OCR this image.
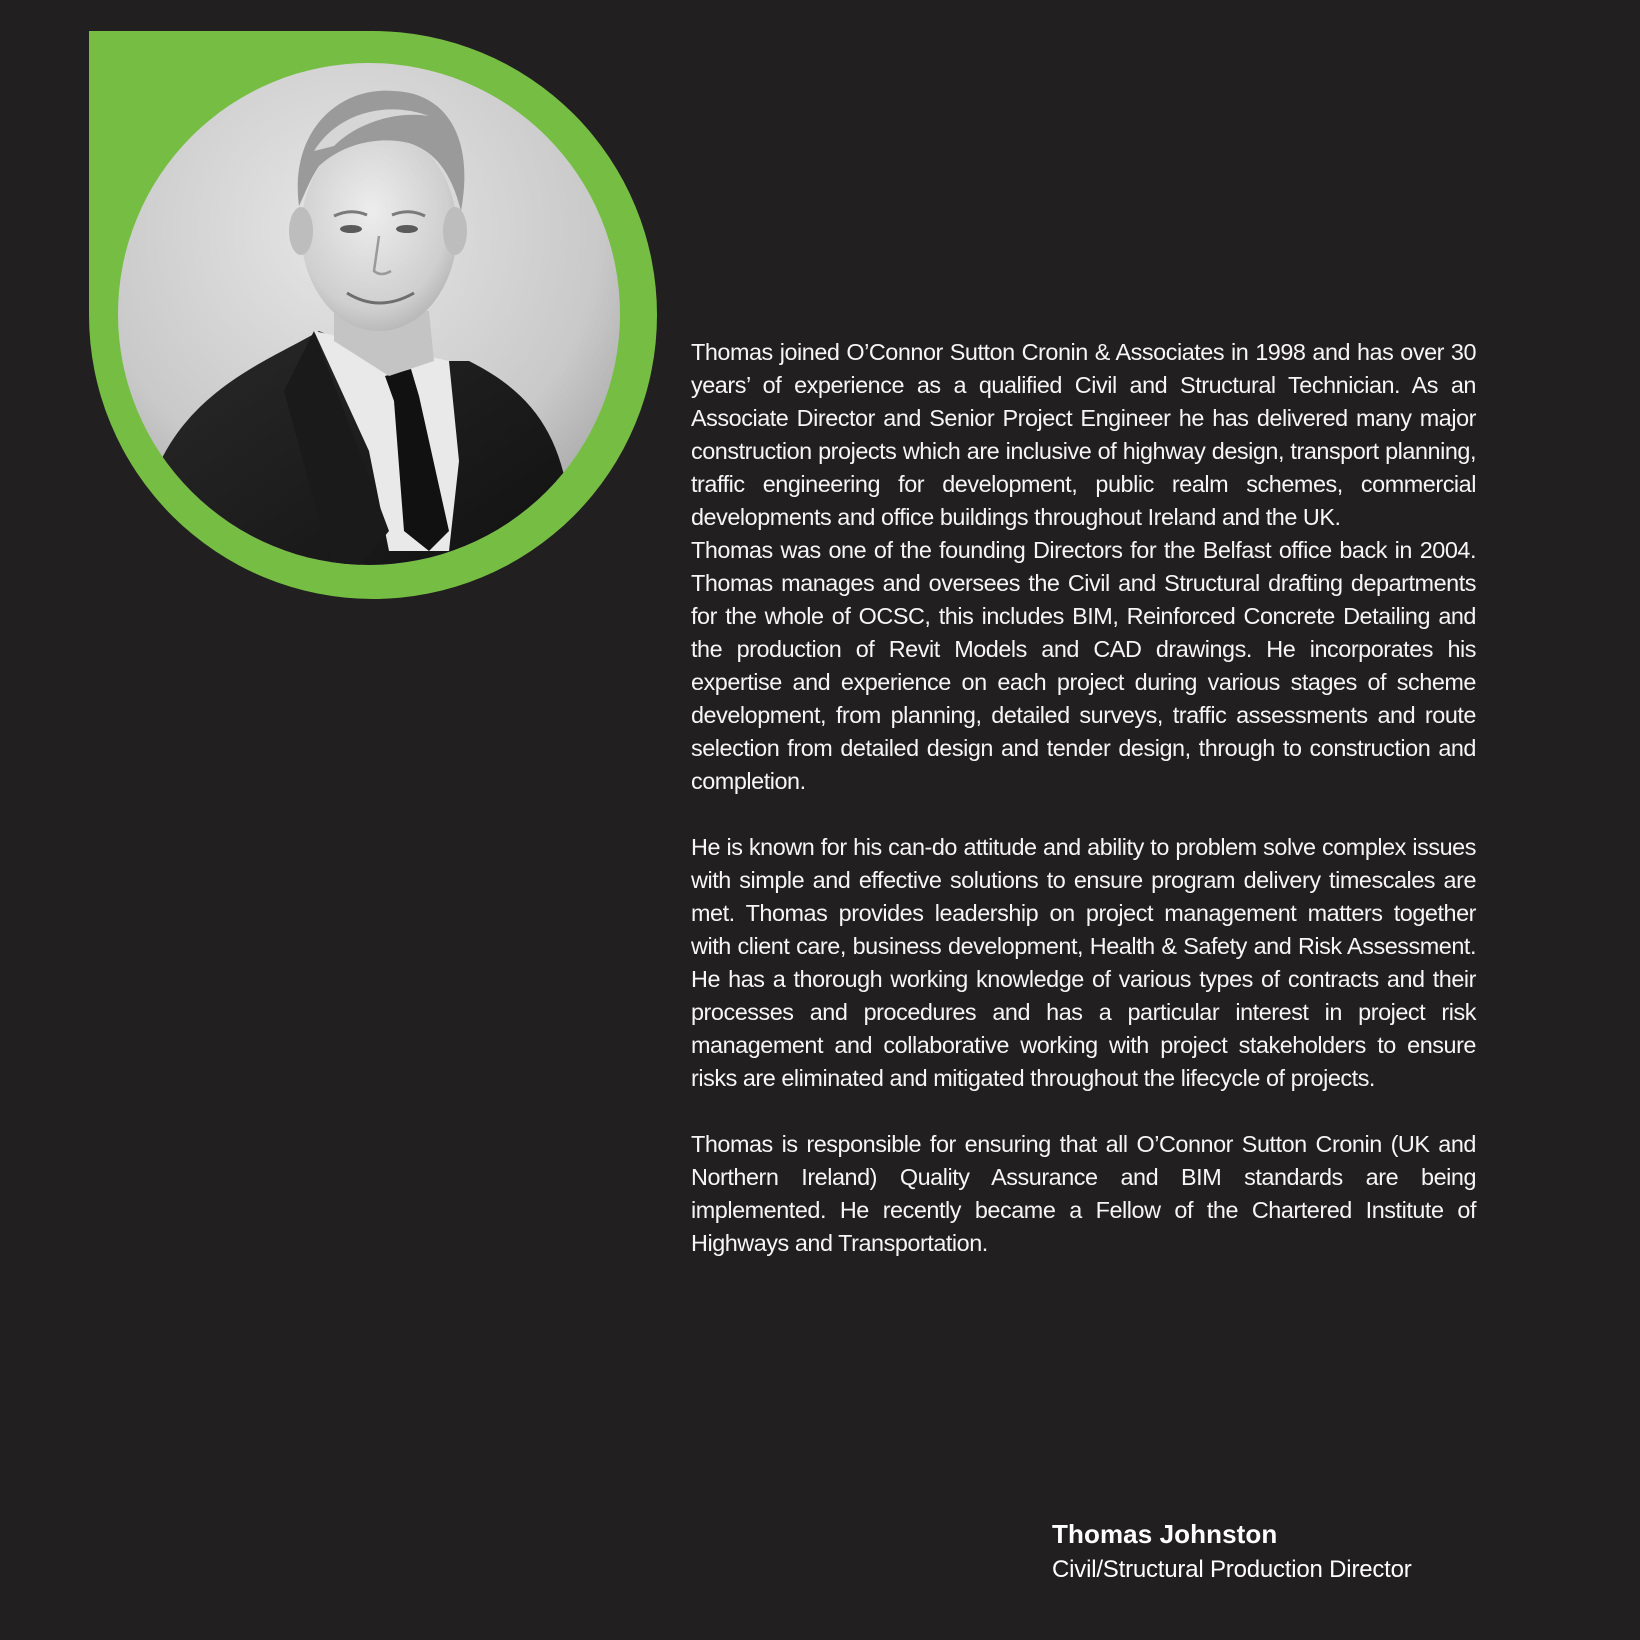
Thomas joined O’Connor Sutton Cronin & Associates in 1998 and has over 30 years’ of experience as a qualified Civil and Structural Technician. As an Associate Director and Senior Project Engineer he has delivered many major construction projects which are inclusive of highway design, transport planning, traffic engineering for development, public realm schemes, commercial developments and office buildings throughout Ireland and the UK.

Thomas was one of the founding Directors for the Belfast office back in 2004. Thomas manages and oversees the Civil and Structural drafting departments for the whole of OCSC, this includes BIM, Reinforced Concrete Detailing and the production of Revit Models and CAD drawings. He incorporates his expertise and experience on each project during various stages of scheme development, from planning, detailed surveys, traffic assessments and route selection from detailed design and tender design, through to construction and completion.

He is known for his can-do attitude and ability to problem solve complex issues with simple and effective solutions to ensure program delivery timescales are met. Thomas provides leadership on project management matters together with client care, business development, Health & Safety and Risk Assessment. He has a thorough working knowledge of various types of contracts and their processes and procedures and has a particular interest in project risk management and collaborative working with project stakeholders to ensure risks are eliminated and mitigated throughout the lifecycle of projects.

Thomas is responsible for ensuring that all O’Connor Sutton Cronin (UK and Northern Ireland) Quality Assurance and BIM standards are being implemented. He recently became a Fellow of the Chartered Institute of Highways and Transportation.

Thomas Johnston
Civil/Structural Production Director
